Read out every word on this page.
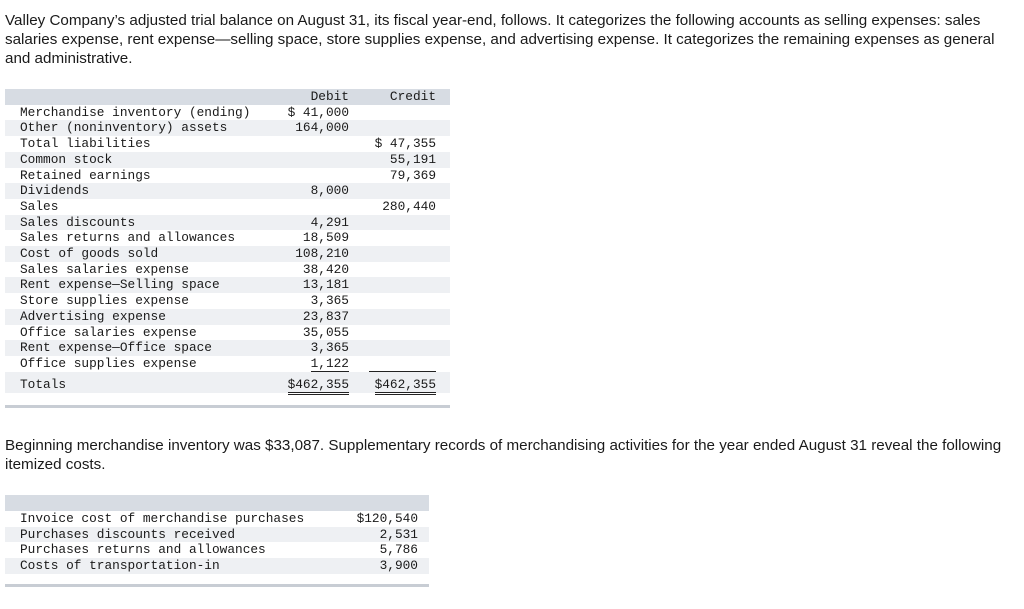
Valley Company’s adjusted trial balance on August 31, its fiscal year-end, follows. It categorizes the following accounts as selling expenses: sales salaries expense, rent expense—selling space, store supplies expense, and advertising expense. It categorizes the remaining expenses as general and administrative.
	Debit		Credit	
Merchandise inventory (ending)	$ 41,000			
Other (noninventory) assets	164,000			
Total liabilities			$ 47,355	
Common stock			55,191	
Retained earnings			79,369	
Dividends	8,000			
Sales			280,440	
Sales discounts	4,291			
Sales returns and allowances	18,509			
Cost of goods sold	108,210			
Sales salaries expense	38,420			
Rent expense—Selling space	13,181			
Store supplies expense	3,365			
Advertising expense	23,837			
Office salaries expense	35,055			
Rent expense—Office space	3,365			
Office supplies expense	1,122			
Totals	$462,355		$462,355	
Beginning merchandise inventory was $33,087. Supplementary records of merchandising activities for the year ended August 31 reveal the following itemized costs.

Invoice cost of merchandise purchases	$120,540
Purchases discounts received	2,531
Purchases returns and allowances	5,786
Costs of transportation-in	3,900
